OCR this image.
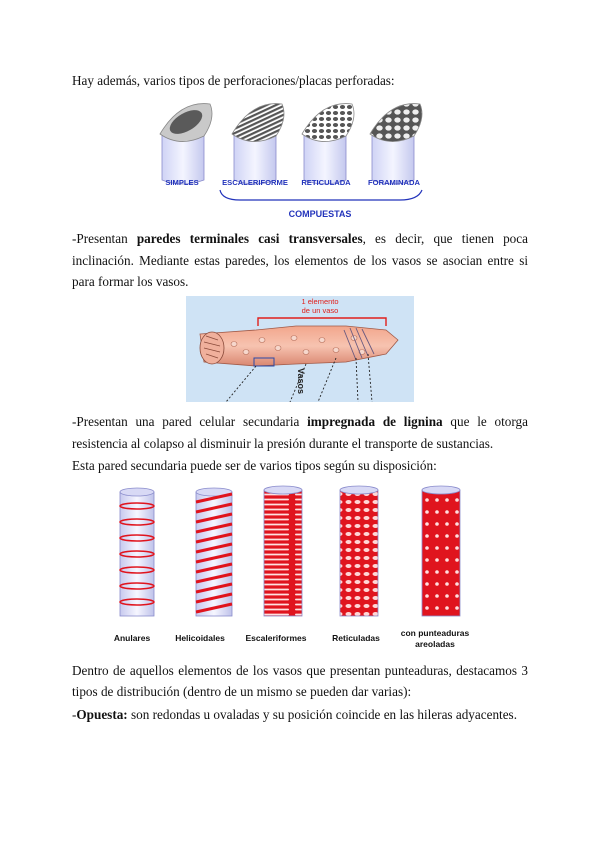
Hay además, varios tipos de perforaciones/placas perforadas:

SIMPLES	ESCALERIFORME RETICULADA FORAMINADA
COMPUESTAS

-Presentan paredes terminales casi transversales, es decir, que tienen poca inclinación. Mediante estas paredes, los elementos de los vasos se asocian entre si para formar los vasos.

1 elemento
de un vaso
Vasos

-Presentan una pared celular secundaria impregnada de lignina que le otorga resistencia al colapso al disminuir la presión durante el transporte de sustancias.

Esta pared secundaria puede ser de varios tipos según su disposición:

Anulares	Helicoidales Escaleriformes	Reticuladas con punteaduras
areoladas

Dentro de aquellos elementos de los vasos que presentan punteaduras, destacamos 3 tipos de distribución (dentro de un mismo se pueden dar varias):

-Opuesta: son redondas u ovaladas y su posición coincide en las hileras adyacentes.
